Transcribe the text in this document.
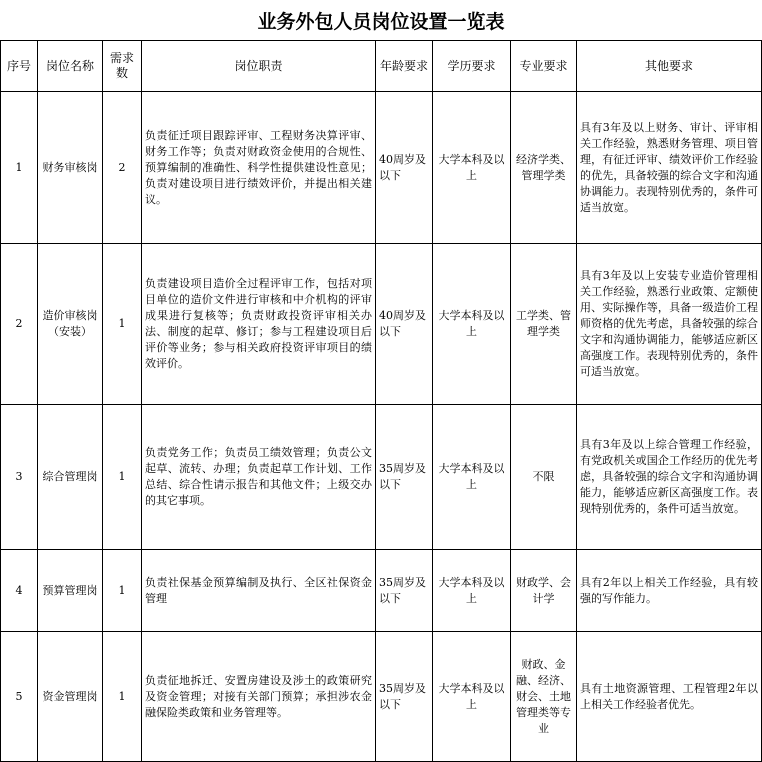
业务外包人员岗位设置一览表
序号	岗位名称	需求数	岗位职责	年龄要求	学历要求	专业要求	其他要求
1	财务审核岗	2	负责征迁项目跟踪评审、工程财务决算评审、财务工作等；负责对财政资金使用的合规性、预算编制的准确性、科学性提供建设性意见；负责对建设项目进行绩效评价，并提出相关建议。	40周岁及以下	大学本科及以上	经济学类、管理学类	具有3年及以上财务、审计、评审相关工作经验，熟悉财务管理、项目管理，有征迁评审、绩效评价工作经验的优先，具备较强的综合文字和沟通协调能力。表现特别优秀的，条件可适当放宽。
2	造价审核岗（安装）	1	负责建设项目造价全过程评审工作，包括对项目单位的造价文件进行审核和中介机构的评审成果进行复核等；负责财政投资评审相关办法、制度的起草、修订；参与工程建设项目后评价等业务；参与相关政府投资评审项目的绩效评价。	40周岁及以下	大学本科及以上	工学类、管理学类	具有3年及以上安装专业造价管理相关工作经验，熟悉行业政策、定额使用、实际操作等，具备一级造价工程师资格的优先考虑，具备较强的综合文字和沟通协调能力，能够适应新区高强度工作。表现特别优秀的，条件可适当放宽。
3	综合管理岗	1	负责党务工作；负责员工绩效管理；负责公文起草、流转、办理；负责起草工作计划、工作总结、综合性请示报告和其他文件；上级交办的其它事项。	35周岁及以下	大学本科及以上	不限	具有3年及以上综合管理工作经验，有党政机关或国企工作经历的优先考虑，具备较强的综合文字和沟通协调能力，能够适应新区高强度工作。表现特别优秀的，条件可适当放宽。
4	预算管理岗	1	负责社保基金预算编制及执行、全区社保资金管理	35周岁及以下	大学本科及以上	财政学、会计学	具有2年以上相关工作经验，具有较强的写作能力。
5	资金管理岗	1	负责征地拆迁、安置房建设及涉土的政策研究及资金管理；对接有关部门预算；承担涉农金融保险类政策和业务管理等。	35周岁及以下	大学本科及以上	财政、金融、经济、财会、土地管理类等专业	具有土地资源管理、工程管理2年以上相关工作经验者优先。
